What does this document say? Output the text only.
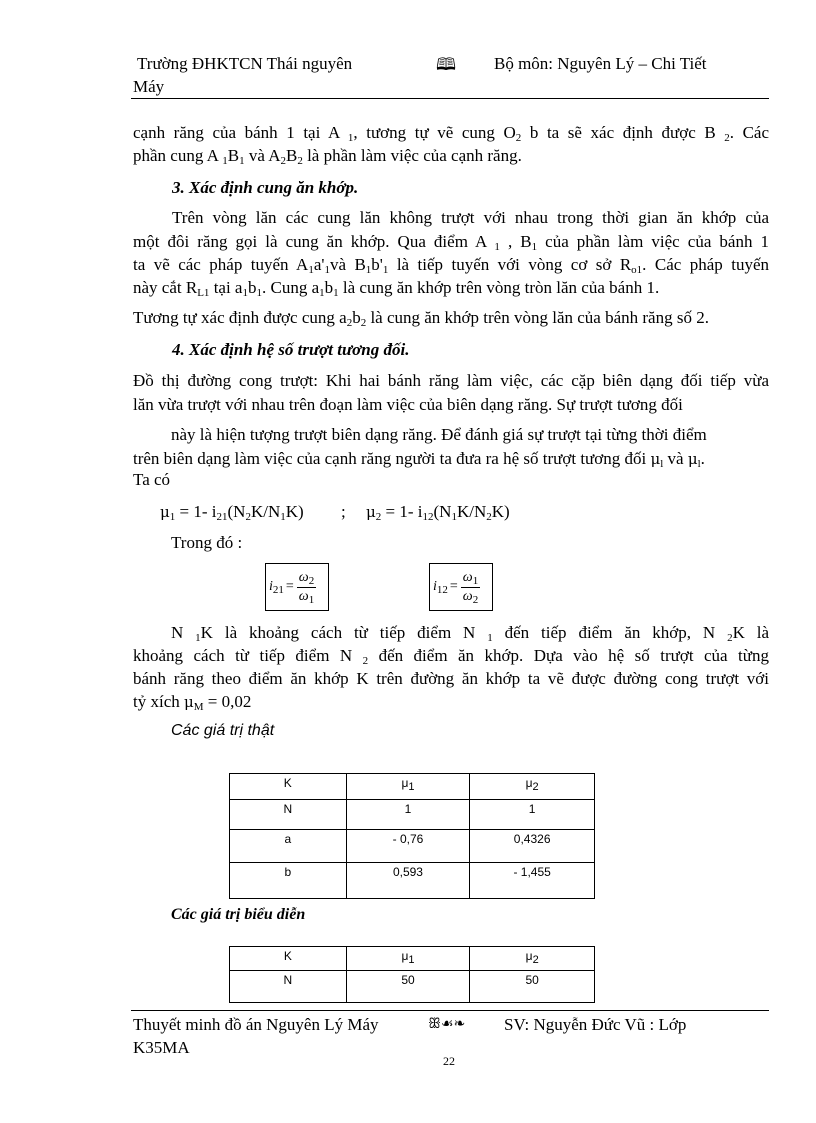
Trường ĐHKTCN Thái nguyên	🕮 Bộ môn: Nguyên Lý – Chi Tiết
Máy
cạnh răng của bánh 1 tại A $_1$, tương tự vẽ cung $O_2$ b ta sẽ xác định được B $_2$. Các
phần cung A $_1B_1$ và $A_2B_2$ là phần làm việc của cạnh răng.
3. Xác định cung ăn khớp.
Trên vòng lăn các cung lăn không trượt với nhau trong thời gian ăn khớp của
một đôi răng gọi là cung ăn khớp. Qua điểm A $_1$ , $B_1$ của phần làm việc của bánh 1
ta vẽ các pháp tuyến $A_1a'_1và$ $B_1b'_1$ là tiếp tuyến với vòng cơ sở $R_{o1}$. Các pháp tuyến
này cắt $R_{L1}$ tại $a_1b_1$. Cung $a_1b_1$ là cung ăn khớp trên vòng tròn lăn của bánh 1.
Tương tự xác định được cung $a_2b_2$ là cung ăn khớp trên vòng lăn của bánh răng số 2.
4. Xác định hệ số trượt tương đối.
Đồ thị đường cong trượt: Khi hai bánh răng làm việc, các cặp biên dạng đối tiếp vừa
lăn vừa trượt với nhau trên đoạn làm việc của biên dạng răng. Sự trượt tương đối
này là hiện tượng trượt biên dạng răng. Để đánh giá sự trượt tại từng thời điểm
trên biên dạng làm việc của cạnh răng người ta đưa ra hệ số trượt tương đối $\mu_l$ và $\mu_l$.
Ta có
$\mu_1 = 1-$ $i_{21}(N_2K/N_1K)$ ; $\mu_2 = 1-$ $i_{12}(N_1K/N_2K)$
Trong đó :
$i_{21} = \frac{\omega_2}{\omega_1}$	$i_{12} = \frac{\omega_1}{\omega_2}$
N $_1$K là khoảng cách từ tiếp điểm N $_1$ đến tiếp điểm ăn khớp, N $_2$K là
khoảng cách từ tiếp điểm N $_2$ đến điểm ăn khớp. Dựa vào hệ số trượt của từng
bánh răng theo điểm ăn khớp K trên đường ăn khớp ta vẽ được đường cong trượt với
tỷ xích $\mu_M = 0,02$
Các giá trị thật
K	$\mu_1$	$\mu_2$
N	1	1
a	- 0,76	0,4326
b	0,593	- 1,455
Các giá trị biểu diễn
K	$\mu_1$	$\mu_2$
N	50	50
Thuyết minh đồ án Nguyên Lý Máy	ꕥ☙❧ SV: Nguyễn Đức Vũ : Lớp
K35MA
22
